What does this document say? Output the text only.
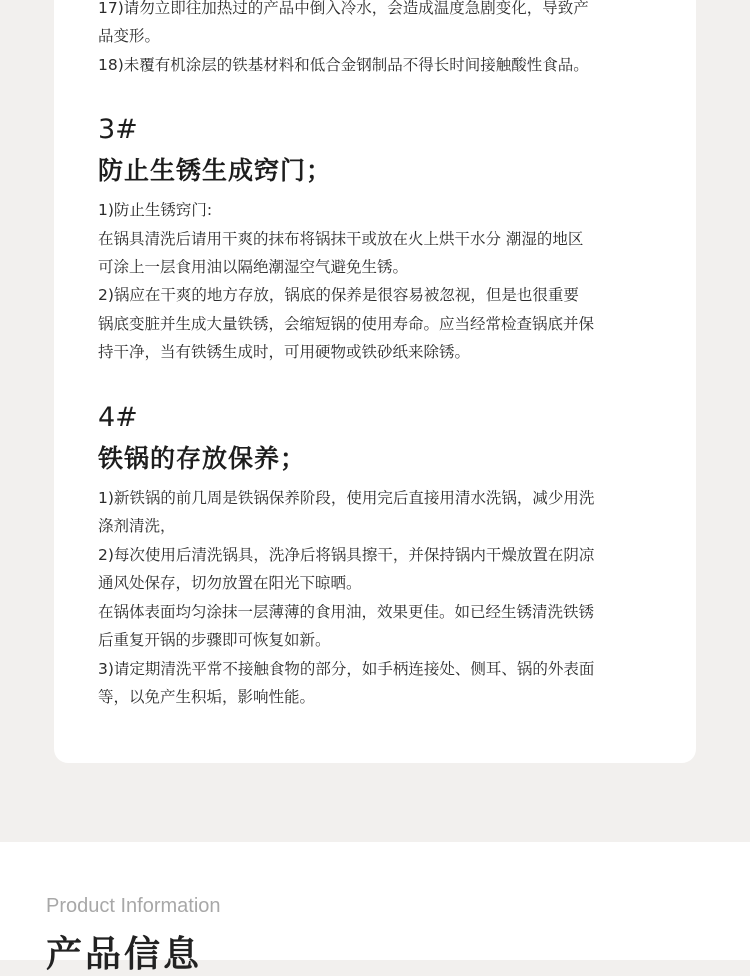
17)请勿立即往加热过的产品中倒入冷水，会造成温度急剧变化，导致产
品变形。
18)未覆有机涂层的铁基材料和低合金钢制品不得长时间接触酸性食品。
3#
防止生锈生成窍门；
1)防止生锈窍门:
在锅具清洗后请用干爽的抹布将锅抹干或放在火上烘干水分 潮湿的地区
可涂上一层食用油以隔绝潮湿空气避免生锈。
2)锅应在干爽的地方存放，锅底的保养是很容易被忽视，但是也很重要
锅底变脏并生成大量铁锈，会缩短锅的使用寿命。应当经常检查锅底并保
持干净，当有铁锈生成时，可用硬物或铁砂纸来除锈。
4#
铁锅的存放保养；
1)新铁锅的前几周是铁锅保养阶段，使用完后直接用清水洗锅，减少用洗
涤剂清洗，
2)每次使用后清洗锅具，洗净后将锅具擦干，并保持锅内干燥放置在阴凉
通风处保存，切勿放置在阳光下晾晒。
在锅体表面均匀涂抹一层薄薄的食用油，效果更佳。如已经生锈清洗铁锈
后重复开锅的步骤即可恢复如新。
3)请定期清洗平常不接触食物的部分，如手柄连接处、侧耳、锅的外表面
等，以免产生积垢，影响性能。
Product Information
产品信息
